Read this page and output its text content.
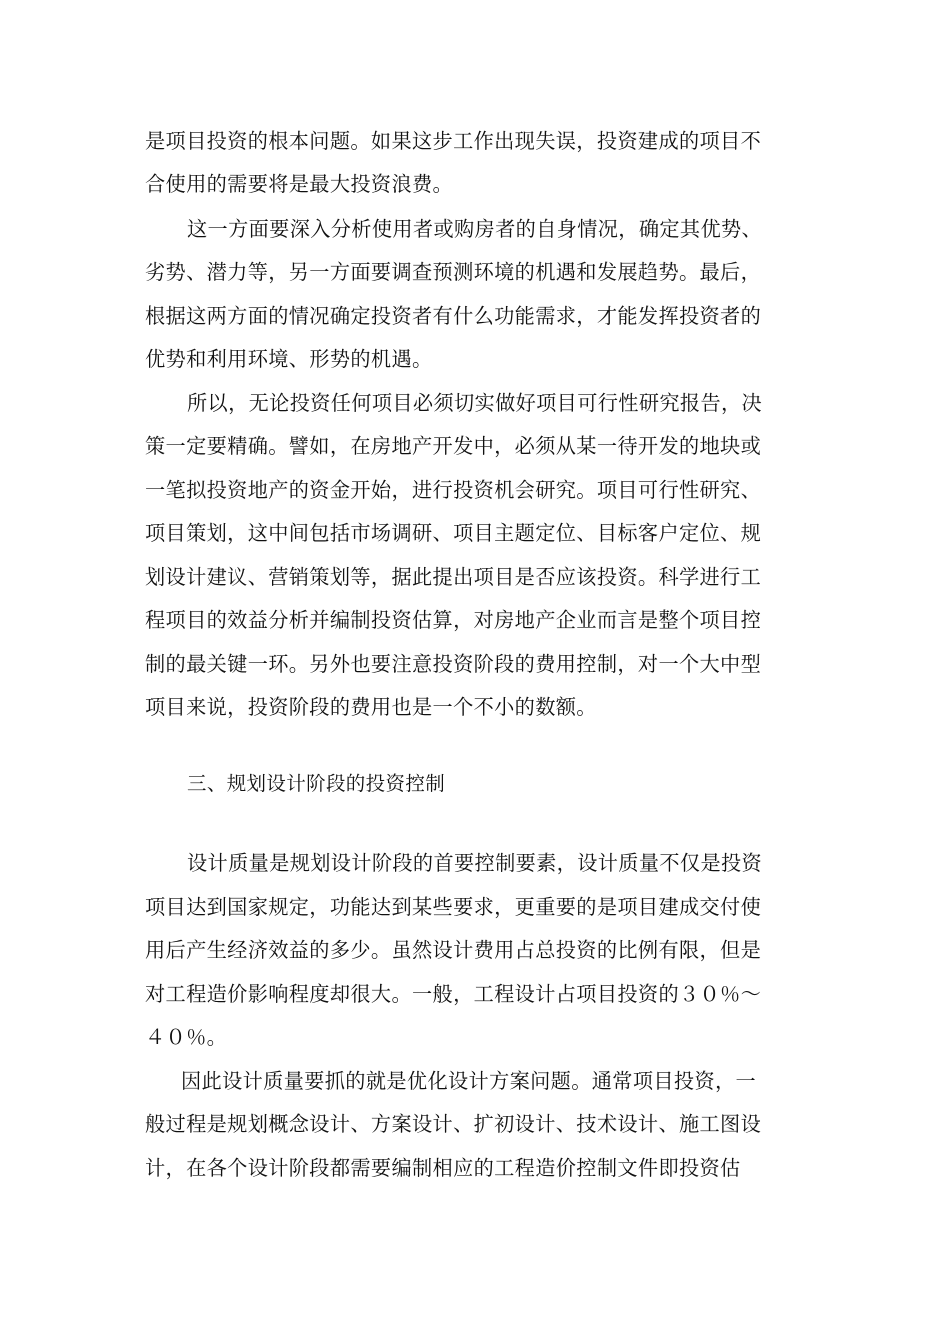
是项目投资的根本问题。如果这步工作出现失误，投资建成的项目不
合使用的需要将是最大投资浪费。
这一方面要深入分析使用者或购房者的自身情况，确定其优势、
劣势、潜力等，另一方面要调查预测环境的机遇和发展趋势。最后，
根据这两方面的情况确定投资者有什么功能需求，才能发挥投资者的
优势和利用环境、形势的机遇。
所以，无论投资任何项目必须切实做好项目可行性研究报告，决
策一定要精确。譬如，在房地产开发中，必须从某一待开发的地块或
一笔拟投资地产的资金开始，进行投资机会研究。项目可行性研究、
项目策划，这中间包括市场调研、项目主题定位、目标客户定位、规
划设计建议、营销策划等，据此提出项目是否应该投资。科学进行工
程项目的效益分析并编制投资估算，对房地产企业而言是整个项目控
制的最关键一环。另外也要注意投资阶段的费用控制，对一个大中型
项目来说，投资阶段的费用也是一个不小的数额。
三、规划设计阶段的投资控制
设计质量是规划设计阶段的首要控制要素，设计质量不仅是投资
项目达到国家规定，功能达到某些要求，更重要的是项目建成交付使
用后产生经济效益的多少。虽然设计费用占总投资的比例有限，但是
对工程造价影响程度却很大。一般，工程设计占项目投资的３０％～
４０％。
因此设计质量要抓的就是优化设计方案问题。通常项目投资，一
般过程是规划概念设计、方案设计、扩初设计、技术设计、施工图设
计，在各个设计阶段都需要编制相应的工程造价控制文件即投资估
